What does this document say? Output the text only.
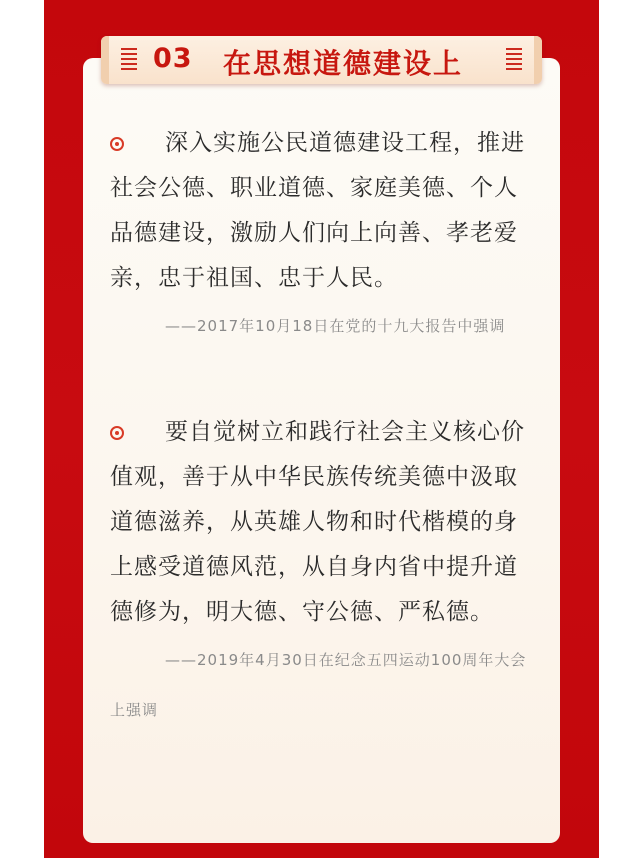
03 在思想道德建设上

深入实施公民道德建设工程，推进社会公德、职业道德、家庭美德、个人品德建设，激励人们向上向善、孝老爱亲，忠于祖国、忠于人民。

——2017年10月18日在党的十九大报告中强调

要自觉树立和践行社会主义核心价值观，善于从中华民族传统美德中汲取道德滋养，从英雄人物和时代楷模的身上感受道德风范，从自身内省中提升道德修为，明大德、守公德、严私德。

——2019年4月30日在纪念五四运动100周年大会上强调
